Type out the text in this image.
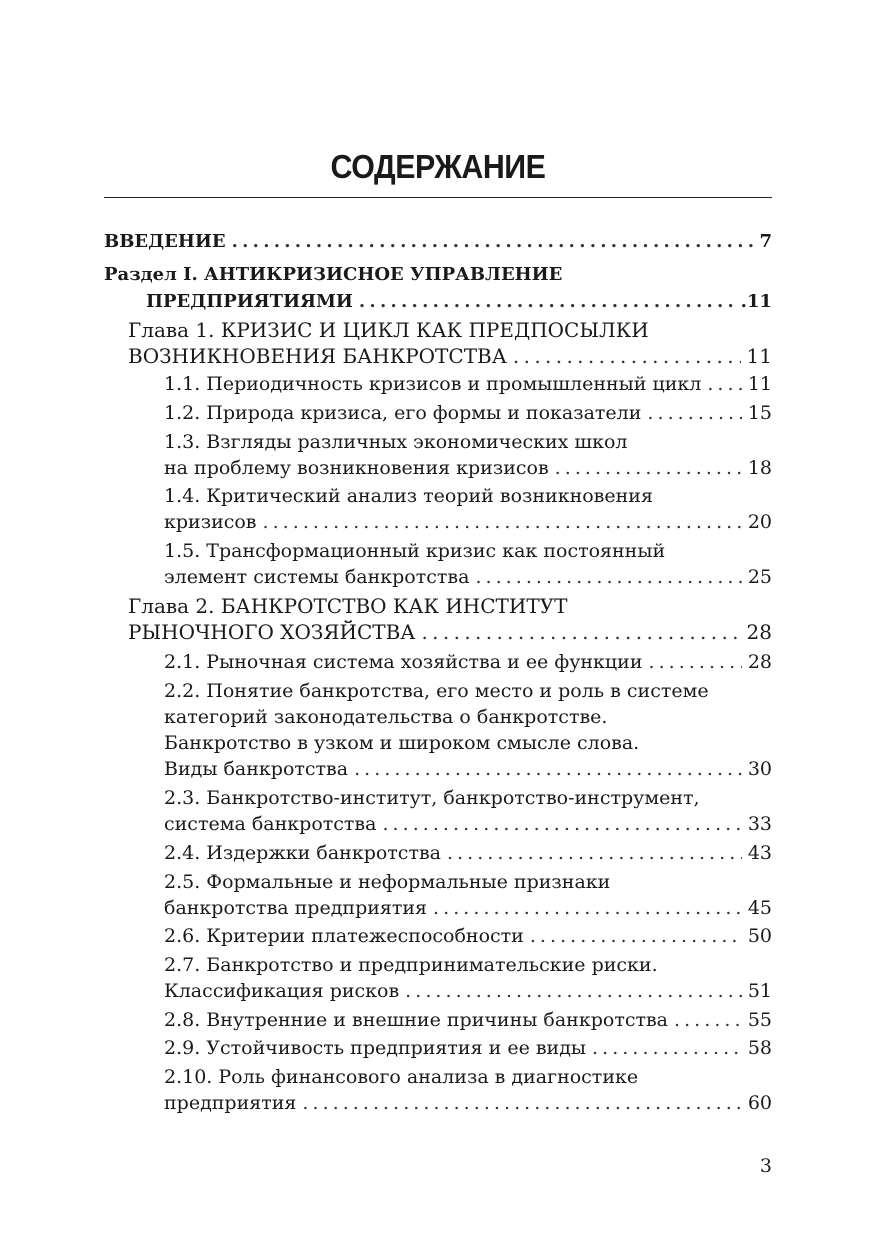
СОДЕРЖАНИЕ
ВВЕДЕНИЕ . . .	7
Раздел I. АНТИКРИЗИСНОЕ УПРАВЛЕНИЕ
ПРЕДПРИЯТИЯМИ . . .	.11
Глава 1. КРИЗИС И ЦИКЛ КАК ПРЕДПОСЫЛКИ
ВОЗНИКНОВЕНИЯ БАНКРОТСТВА . . .	11
1.1. Периодичность кризисов и промышленный цикл . . . 11
1.2. Природа кризиса, его формы и показатели . . .	15
1.3. Взгляды различных экономических школ
на проблему возникновения кризисов . . .	18
1.4. Критический анализ теорий возникновения
кризисов . . .	20
1.5. Трансформационный кризис как постоянный
элемент системы банкротства . . .	25
Глава 2. БАНКРОТСТВО КАК ИНСТИТУТ
РЫНОЧНОГО ХОЗЯЙСТВА . . .	28
2.1. Рыночная система хозяйства и ее функции . . .	28
2.2. Понятие банкротства, его место и роль в системе
категорий законодательства о банкротстве.
Банкротство в узком и широком смысле слова.
Виды банкротства . . .	30
2.3. Банкротство-институт, банкротство-инструмент,
система банкротства . . .	33
2.4. Издержки банкротства . . .	43
2.5. Формальные и неформальные признаки
банкротства предприятия . . .	45
2.6. Критерии платежеспособности . . .	50
2.7. Банкротство и предпринимательские риски.
Классификация рисков . . .	51
2.8. Внутренние и внешние причины банкротства . . .	55
2.9. Устойчивость предприятия и ее виды . . .	58
2.10. Роль финансового анализа в диагностике
предприятия . . .	60
3
